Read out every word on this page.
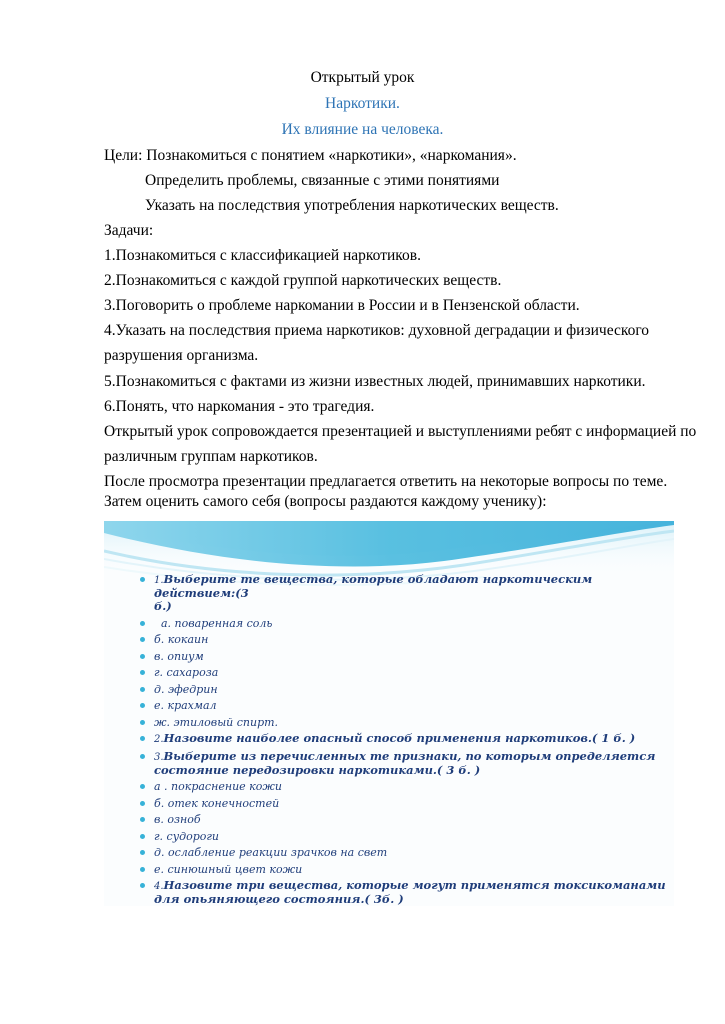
Открытый урок
Наркотики.
Их влияние на человека.
Цели: Познакомиться с понятием «наркотики», «наркомания».
Определить проблемы, связанные с этими понятиями
Указать на последствия употребления наркотических веществ.
Задачи:
1.Познакомиться с классификацией наркотиков.
2.Познакомиться с каждой группой наркотических веществ.
3.Поговорить о проблеме наркомании в России и в Пензенской области.
4.Указать на последствия приема наркотиков: духовной деградации и физического
разрушения организма.
5.Познакомиться с фактами из жизни известных людей, принимавших наркотики.
6.Понять, что наркомания - это трагедия.
Открытый урок сопровождается презентацией и выступлениями ребят с информацией по
различным группам наркотиков.
После просмотра презентации предлагается ответить на некоторые вопросы по теме.
Затем оценить самого себя (вопросы раздаются каждому ученику):
1.Выберите те вещества, которые обладают наркотическим действием:(3
б.)
а. поваренная соль
б. кокаин
в. опиум
г. сахароза
д. эфедрин
е. крахмал
ж. этиловый спирт.
2.Назовите наиболее опасный способ применения наркотиков.( 1 б. )
3.Выберите из перечисленных те признаки, по которым определяется
состояние передозировки наркотиками.( 3 б. )
а . покраснение кожи
б. отек конечностей
в. озноб
г. судороги
д. ослабление реакции зрачков на свет
е. синюшный цвет кожи
4.Назовите три вещества, которые могут применятся токсикоманами
для опьяняющего состояния.( 3б. )
